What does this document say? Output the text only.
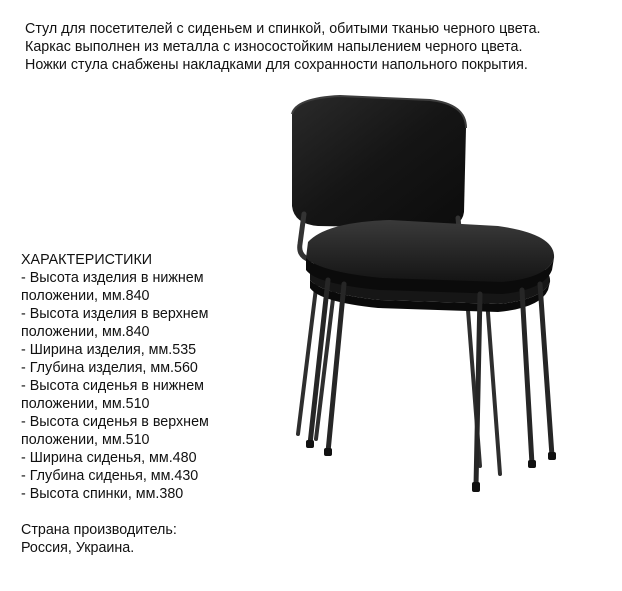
Стул для посетителей с сиденьем и спинкой, обитыми тканью черного цвета.

Каркас выполнен из металла с износостойким напылением черного цвета.

Ножки стула снабжены накладками для сохранности напольного покрытия.

ХАРАКТЕРИСТИКИ
- Высота изделия в нижнем
положении, мм.840
- Высота изделия в верхнем
положении, мм.840
- Ширина изделия, мм.535
- Глубина изделия, мм.560
- Высота сиденья в нижнем
положении, мм.510
- Высота сиденья в верхнем
положении, мм.510
- Ширина сиденья, мм.480
- Глубина сиденья, мм.430
- Высота спинки, мм.380
Страна производитель:
Россия, Украина.
